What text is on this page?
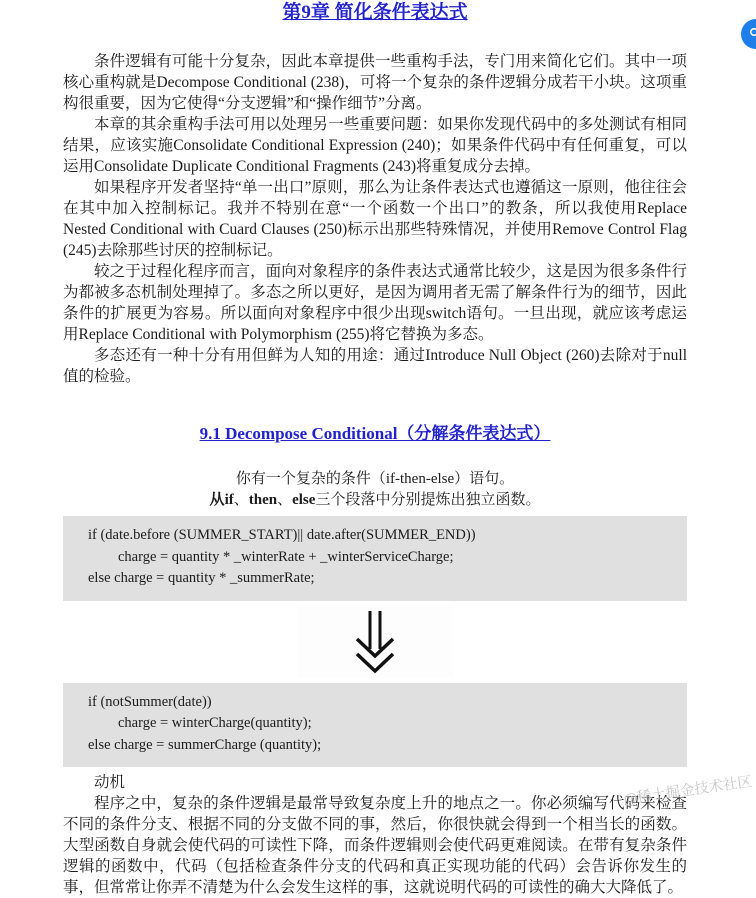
第9章 简化条件表达式

条件逻辑有可能十分复杂，因此本章提供一些重构手法，专门用来简化它们。其中一项核心重构就是Decompose Conditional (238)，可将一个复杂的条件逻辑分成若干小块。这项重构很重要，因为它使得“分支逻辑”和“操作细节”分离。

本章的其余重构手法可用以处理另一些重要问题：如果你发现代码中的多处测试有相同结果，应该实施Consolidate Conditional Expression (240)；如果条件代码中有任何重复，可以运用Consolidate Duplicate Conditional Fragments (243)将重复成分去掉。

如果程序开发者坚持“单一出口”原则，那么为让条件表达式也遵循这一原则，他往往会在其中加入控制标记。我并不特别在意“一个函数一个出口”的教条，所以我使用Replace Nested Conditional with Cuard Clauses (250)标示出那些特殊情况，并使用Remove Control Flag (245)去除那些讨厌的控制标记。

较之于过程化程序而言，面向对象程序的条件表达式通常比较少，这是因为很多条件行为都被多态机制处理掉了。多态之所以更好，是因为调用者无需了解条件行为的细节，因此条件的扩展更为容易。所以面向对象程序中很少出现switch语句。一旦出现，就应该考虑运用Replace Conditional with Polymorphism (255)将它替换为多态。

多态还有一种十分有用但鲜为人知的用途：通过Introduce Null Object (260)去除对于null值的检验。

9.1 Decompose Conditional（分解条件表达式）
你有一个复杂的条件（if-then-else）语句。
从if、then、else三个段落中分别提炼出独立函数。
if (date.before (SUMMER_START)|| date.after(SUMMER_END))
charge = quantity * _winterRate + _winterServiceCharge;
else charge = quantity * _summerRate;
if (notSummer(date))
charge = winterCharge(quantity);
else charge = summerCharge (quantity);
动机

程序之中，复杂的条件逻辑是最常导致复杂度上升的地点之一。你必须编写代码来检查不同的条件分支、根据不同的分支做不同的事，然后，你很快就会得到一个相当长的函数。大型函数自身就会使代码的可读性下降，而条件逻辑则会使代码更难阅读。在带有复杂条件逻辑的函数中，代码（包括检查条件分支的代码和真正实现功能的代码）会告诉你发生的事，但常常让你弄不清楚为什么会发生这样的事，这就说明代码的可读性的确大大降低了。

@稀土掘金技术社区
